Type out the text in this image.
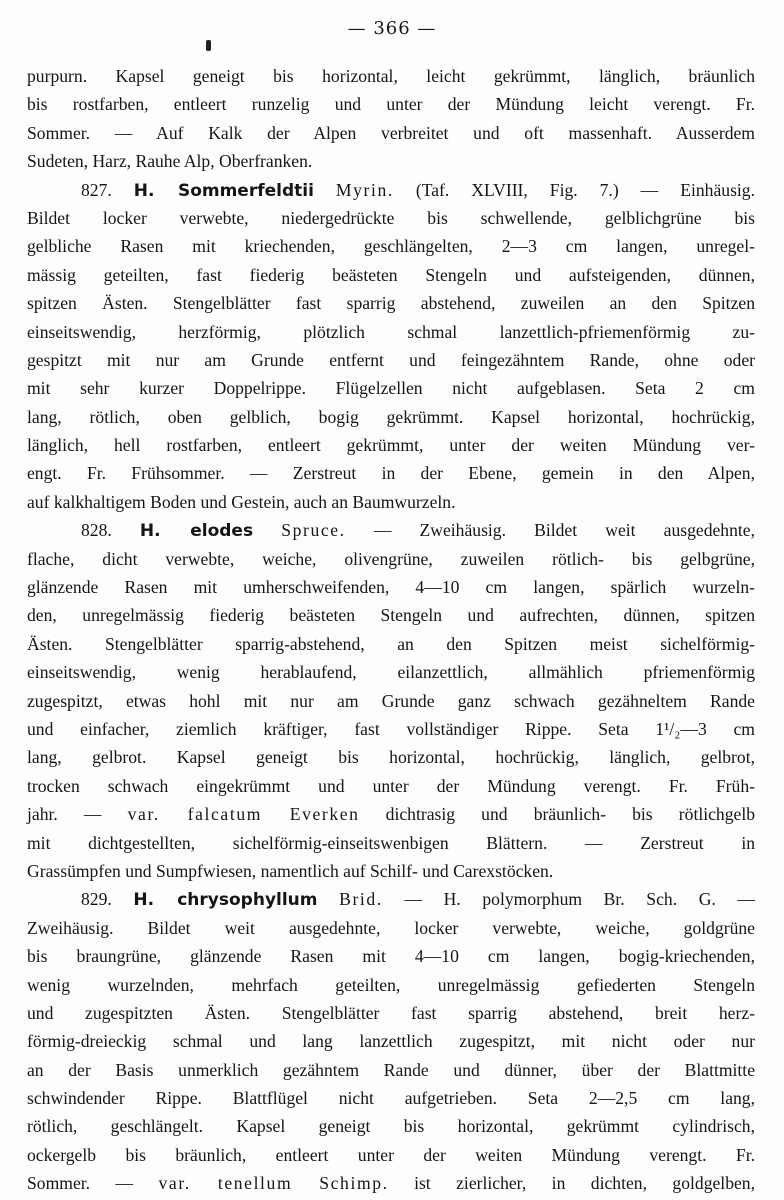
— 366 —
purpurn. Kapsel geneigt bis horizontal, leicht gekrümmt, länglich, bräunlich
bis rostfarben, entleert runzelig und unter der Mündung leicht verengt. Fr.
Sommer. — Auf Kalk der Alpen verbreitet und oft massenhaft. Ausserdem
Sudeten, Harz, Rauhe Alp, Oberfranken.
827. H. Sommerfeldtii Myrin. (Taf. XLVIII, Fig. 7.) — Einhäusig.
Bildet locker verwebte, niedergedrückte bis schwellende, gelblichgrüne bis
gelbliche Rasen mit kriechenden, geschlängelten, 2—3 cm langen, unregel-
mässig geteilten, fast fiederig beästeten Stengeln und aufsteigenden, dünnen,
spitzen Ästen. Stengelblätter fast sparrig abstehend, zuweilen an den Spitzen
einseitswendig, herzförmig, plötzlich schmal lanzettlich-pfriemenförmig zu-
gespitzt mit nur am Grunde entfernt und feingezähntem Rande, ohne oder
mit sehr kurzer Doppelrippe. Flügelzellen nicht aufgeblasen. Seta 2 cm
lang, rötlich, oben gelblich, bogig gekrümmt. Kapsel horizontal, hochrückig,
länglich, hell rostfarben, entleert gekrümmt, unter der weiten Mündung ver-
engt. Fr. Frühsommer. — Zerstreut in der Ebene, gemein in den Alpen,
auf kalkhaltigem Boden und Gestein, auch an Baumwurzeln.
828. H. elodes Spruce. — Zweihäusig. Bildet weit ausgedehnte,
flache, dicht verwebte, weiche, olivengrüne, zuweilen rötlich- bis gelbgrüne,
glänzende Rasen mit umherschweifenden, 4—10 cm langen, spärlich wurzeln-
den, unregelmässig fiederig beästeten Stengeln und aufrechten, dünnen, spitzen
Ästen. Stengelblätter sparrig-abstehend, an den Spitzen meist sichelförmig-
einseitswendig, wenig herablaufend, eilanzettlich, allmählich pfriemenförmig
zugespitzt, etwas hohl mit nur am Grunde ganz schwach gezähneltem Rande
und einfacher, ziemlich kräftiger, fast vollständiger Rippe. Seta 1¹/₂—3 cm
lang, gelbrot. Kapsel geneigt bis horizontal, hochrückig, länglich, gelbrot,
trocken schwach eingekrümmt und unter der Mündung verengt. Fr. Früh-
jahr. — var. falcatum Everken dichtrasig und bräunlich- bis rötlichgelb
mit dichtgestellten, sichelförmig-einseitswenbigen Blättern. — Zerstreut in
Grassümpfen und Sumpfwiesen, namentlich auf Schilf- und Carexstöcken.
829. H. chrysophyllum Brid. — H. polymorphum Br. Sch. G. —
Zweihäusig. Bildet weit ausgedehnte, locker verwebte, weiche, goldgrüne
bis braungrüne, glänzende Rasen mit 4—10 cm langen, bogig-kriechenden,
wenig wurzelnden, mehrfach geteilten, unregelmässig gefiederten Stengeln
und zugespitzten Ästen. Stengelblätter fast sparrig abstehend, breit herz-
förmig-dreieckig schmal und lang lanzettlich zugespitzt, mit nicht oder nur
an der Basis unmerklich gezähntem Rande und dünner, über der Blattmitte
schwindender Rippe. Blattflügel nicht aufgetrieben. Seta 2—2,5 cm lang,
rötlich, geschlängelt. Kapsel geneigt bis horizontal, gekrümmt cylindrisch,
ockergelb bis bräunlich, entleert unter der weiten Mündung verengt. Fr.
Sommer. — var. tenellum Schimp. ist zierlicher, in dichten, goldgelben,
